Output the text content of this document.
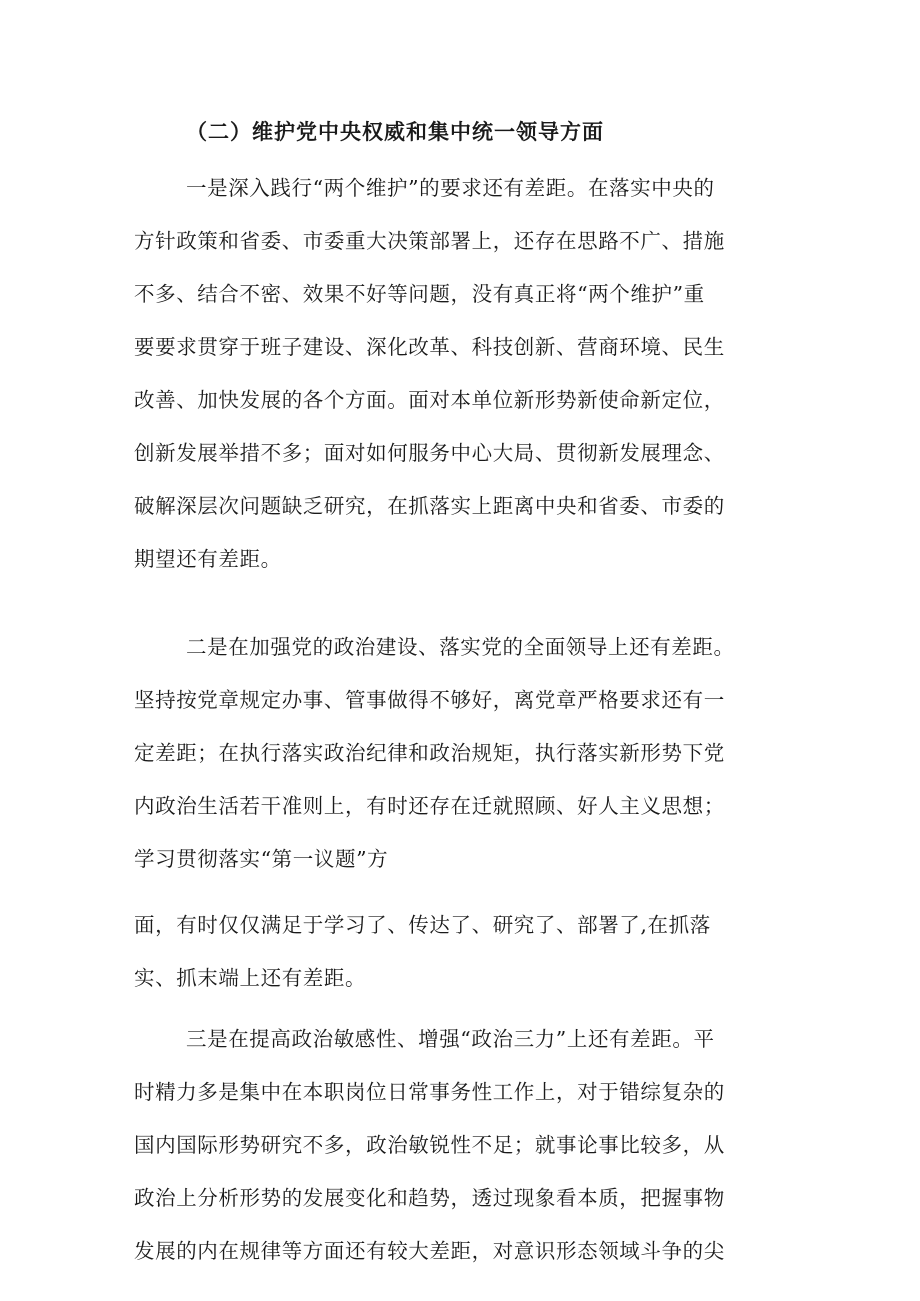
（二）维护党中央权威和集中统一领导方面
一是深入践行“两个维护”的要求还有差距。在落实中央的
方针政策和省委、市委重大决策部署上，还存在思路不广、措施
不多、结合不密、效果不好等问题，没有真正将“两个维护”重
要要求贯穿于班子建设、深化改革、科技创新、营商环境、民生
改善、加快发展的各个方面。面对本单位新形势新使命新定位，
创新发展举措不多；面对如何服务中心大局、贯彻新发展理念、
破解深层次问题缺乏研究，在抓落实上距离中央和省委、市委的
期望还有差距。
二是在加强党的政治建设、落实党的全面领导上还有差距。
坚持按党章规定办事、管事做得不够好，离党章严格要求还有一
定差距；在执行落实政治纪律和政治规矩，执行落实新形势下党
内政治生活若干准则上，有时还存在迁就照顾、好人主义思想；
学习贯彻落实“第一议题”方
面，有时仅仅满足于学习了、传达了、研究了、部署了,在抓落
实、抓末端上还有差距。
三是在提高政治敏感性、增强“政治三力”上还有差距。平
时精力多是集中在本职岗位日常事务性工作上，对于错综复杂的
国内国际形势研究不多，政治敏锐性不足；就事论事比较多，从
政治上分析形势的发展变化和趋势，透过现象看本质，把握事物
发展的内在规律等方面还有较大差距，对意识形态领域斗争的尖
